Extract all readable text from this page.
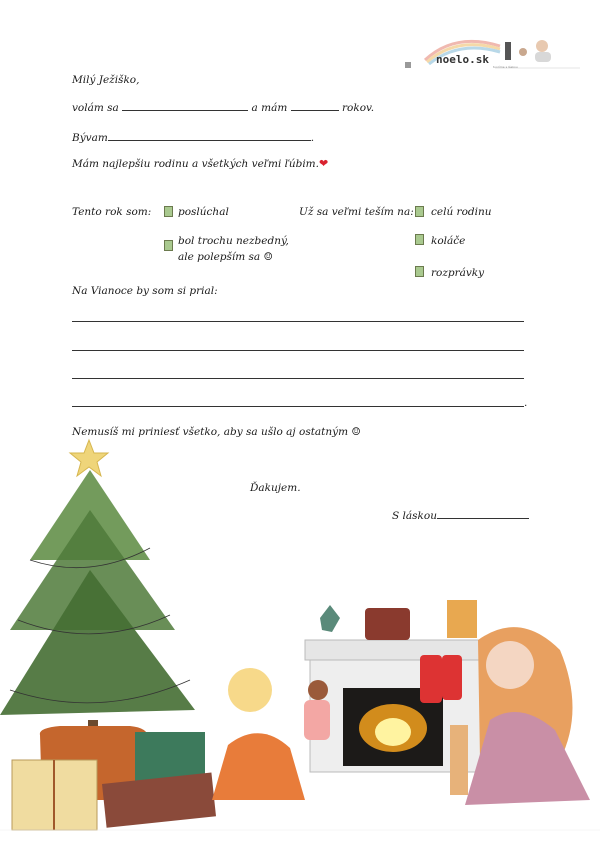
noelo.sk
tvoríme s láskou
Milý Ježiško,
volám sa	a mám	rokov.
Bývam	.
Mám najlepšiu rodinu a všetkých veľmi ľúbim.❤
Tento rok som:	poslúchal
bol trochu nezbedný,
ale polepším sa ☺
Už sa veľmi teším na: celú rodinu
koláče
rozprávky
Na Vianoce by som si prial:
.
Nemusíš mi priniesť všetko, aby sa ušlo aj ostatným ☺
Ďakujem.
S láskou
